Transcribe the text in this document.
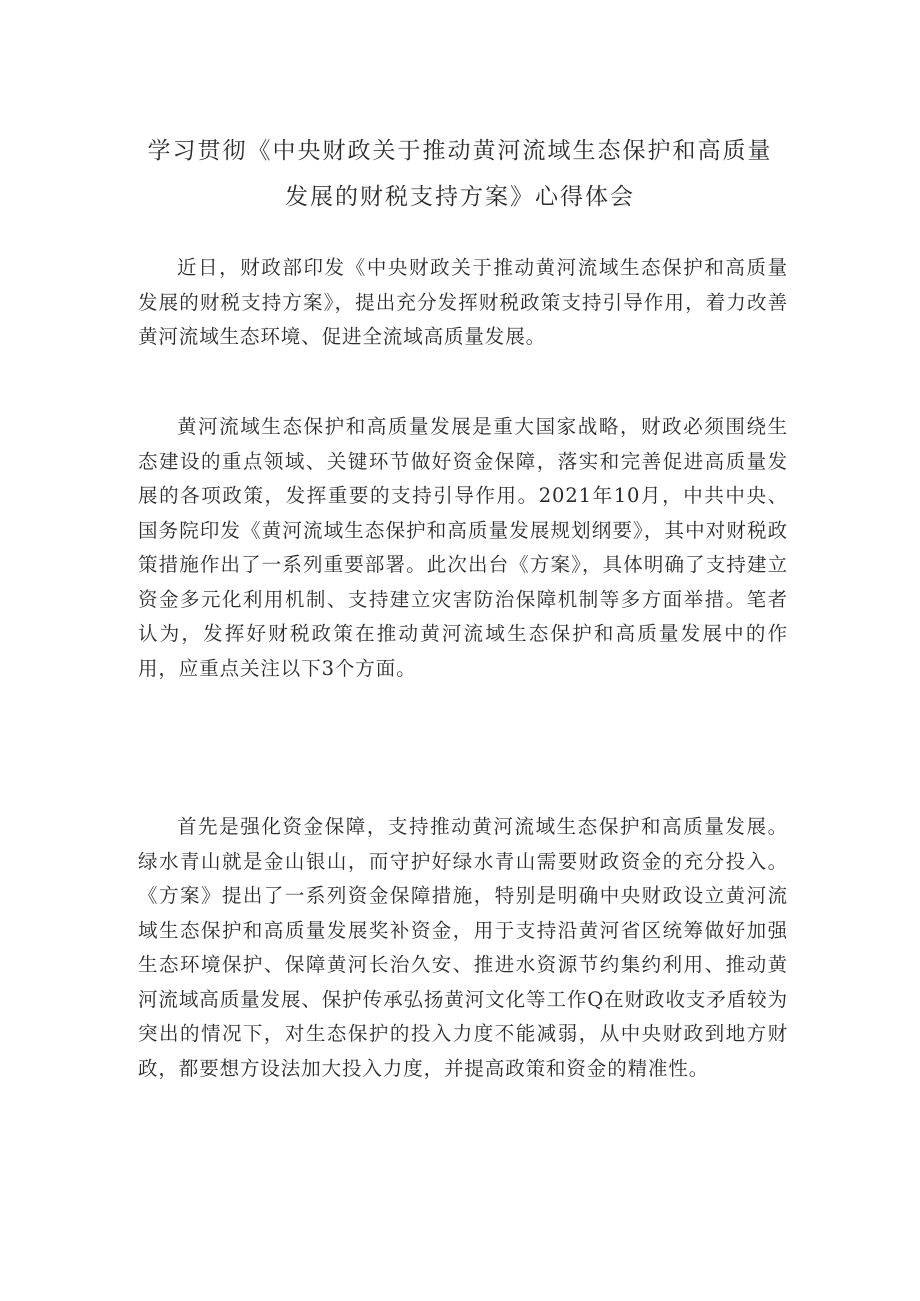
学习贯彻《中央财政关于推动黄河流域生态保护和高质量
发展的财税支持方案》心得体会

近日，财政部印发《中央财政关于推动黄河流域生态保护和高质量发展的财税支持方案》，提出充分发挥财税政策支持引导作用，着力改善黄河流域生态环境、促进全流域高质量发展。

黄河流域生态保护和高质量发展是重大国家战略，财政必须围绕生态建设的重点领域、关键环节做好资金保障，落实和完善促进高质量发展的各项政策，发挥重要的支持引导作用。2021年10月，中共中央、国务院印发《黄河流域生态保护和高质量发展规划纲要》，其中对财税政策措施作出了一系列重要部署。此次出台《方案》，具体明确了支持建立资金多元化利用机制、支持建立灾害防治保障机制等多方面举措。笔者认为，发挥好财税政策在推动黄河流域生态保护和高质量发展中的作用，应重点关注以下3个方面。

首先是强化资金保障，支持推动黄河流域生态保护和高质量发展。绿水青山就是金山银山，而守护好绿水青山需要财政资金的充分投入。《方案》提出了一系列资金保障措施，特别是明确中央财政设立黄河流域生态保护和高质量发展奖补资金，用于支持沿黄河省区统筹做好加强生态环境保护、保障黄河长治久安、推进水资源节约集约利用、推动黄河流域高质量发展、保护传承弘扬黄河文化等工作Q在财政收支矛盾较为突出的情况下，对生态保护的投入力度不能减弱，从中央财政到地方财政，都要想方设法加大投入力度，并提高政策和资金的精准性。
